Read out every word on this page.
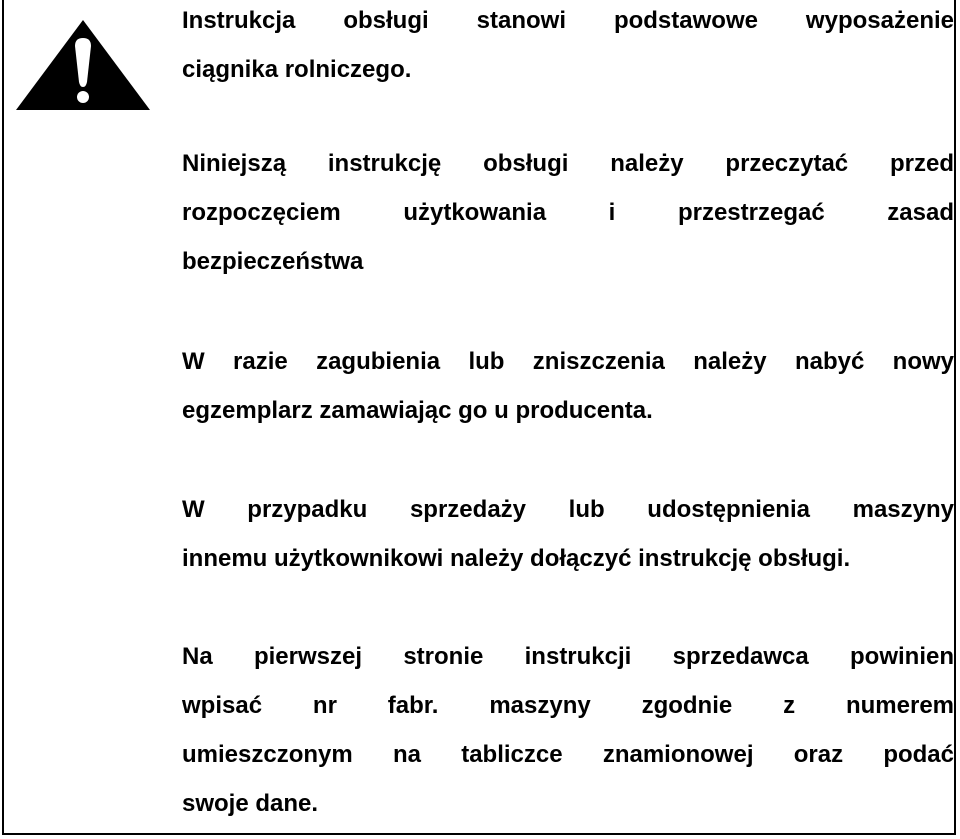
Instrukcja obsługi stanowi podstawowe wyposażenie
ciągnika rolniczego.
Niniejszą instrukcję obsługi należy przeczytać przed
rozpoczęciem użytkowania i przestrzegać zasad
bezpieczeństwa
W razie zagubienia lub zniszczenia należy nabyć nowy
egzemplarz zamawiając go u producenta.
W przypadku sprzedaży lub udostępnienia maszyny
innemu użytkownikowi należy dołączyć instrukcję obsługi.
Na pierwszej stronie instrukcji sprzedawca powinien
wpisać nr fabr. maszyny zgodnie z numerem
umieszczonym na tabliczce znamionowej oraz podać
swoje dane.
